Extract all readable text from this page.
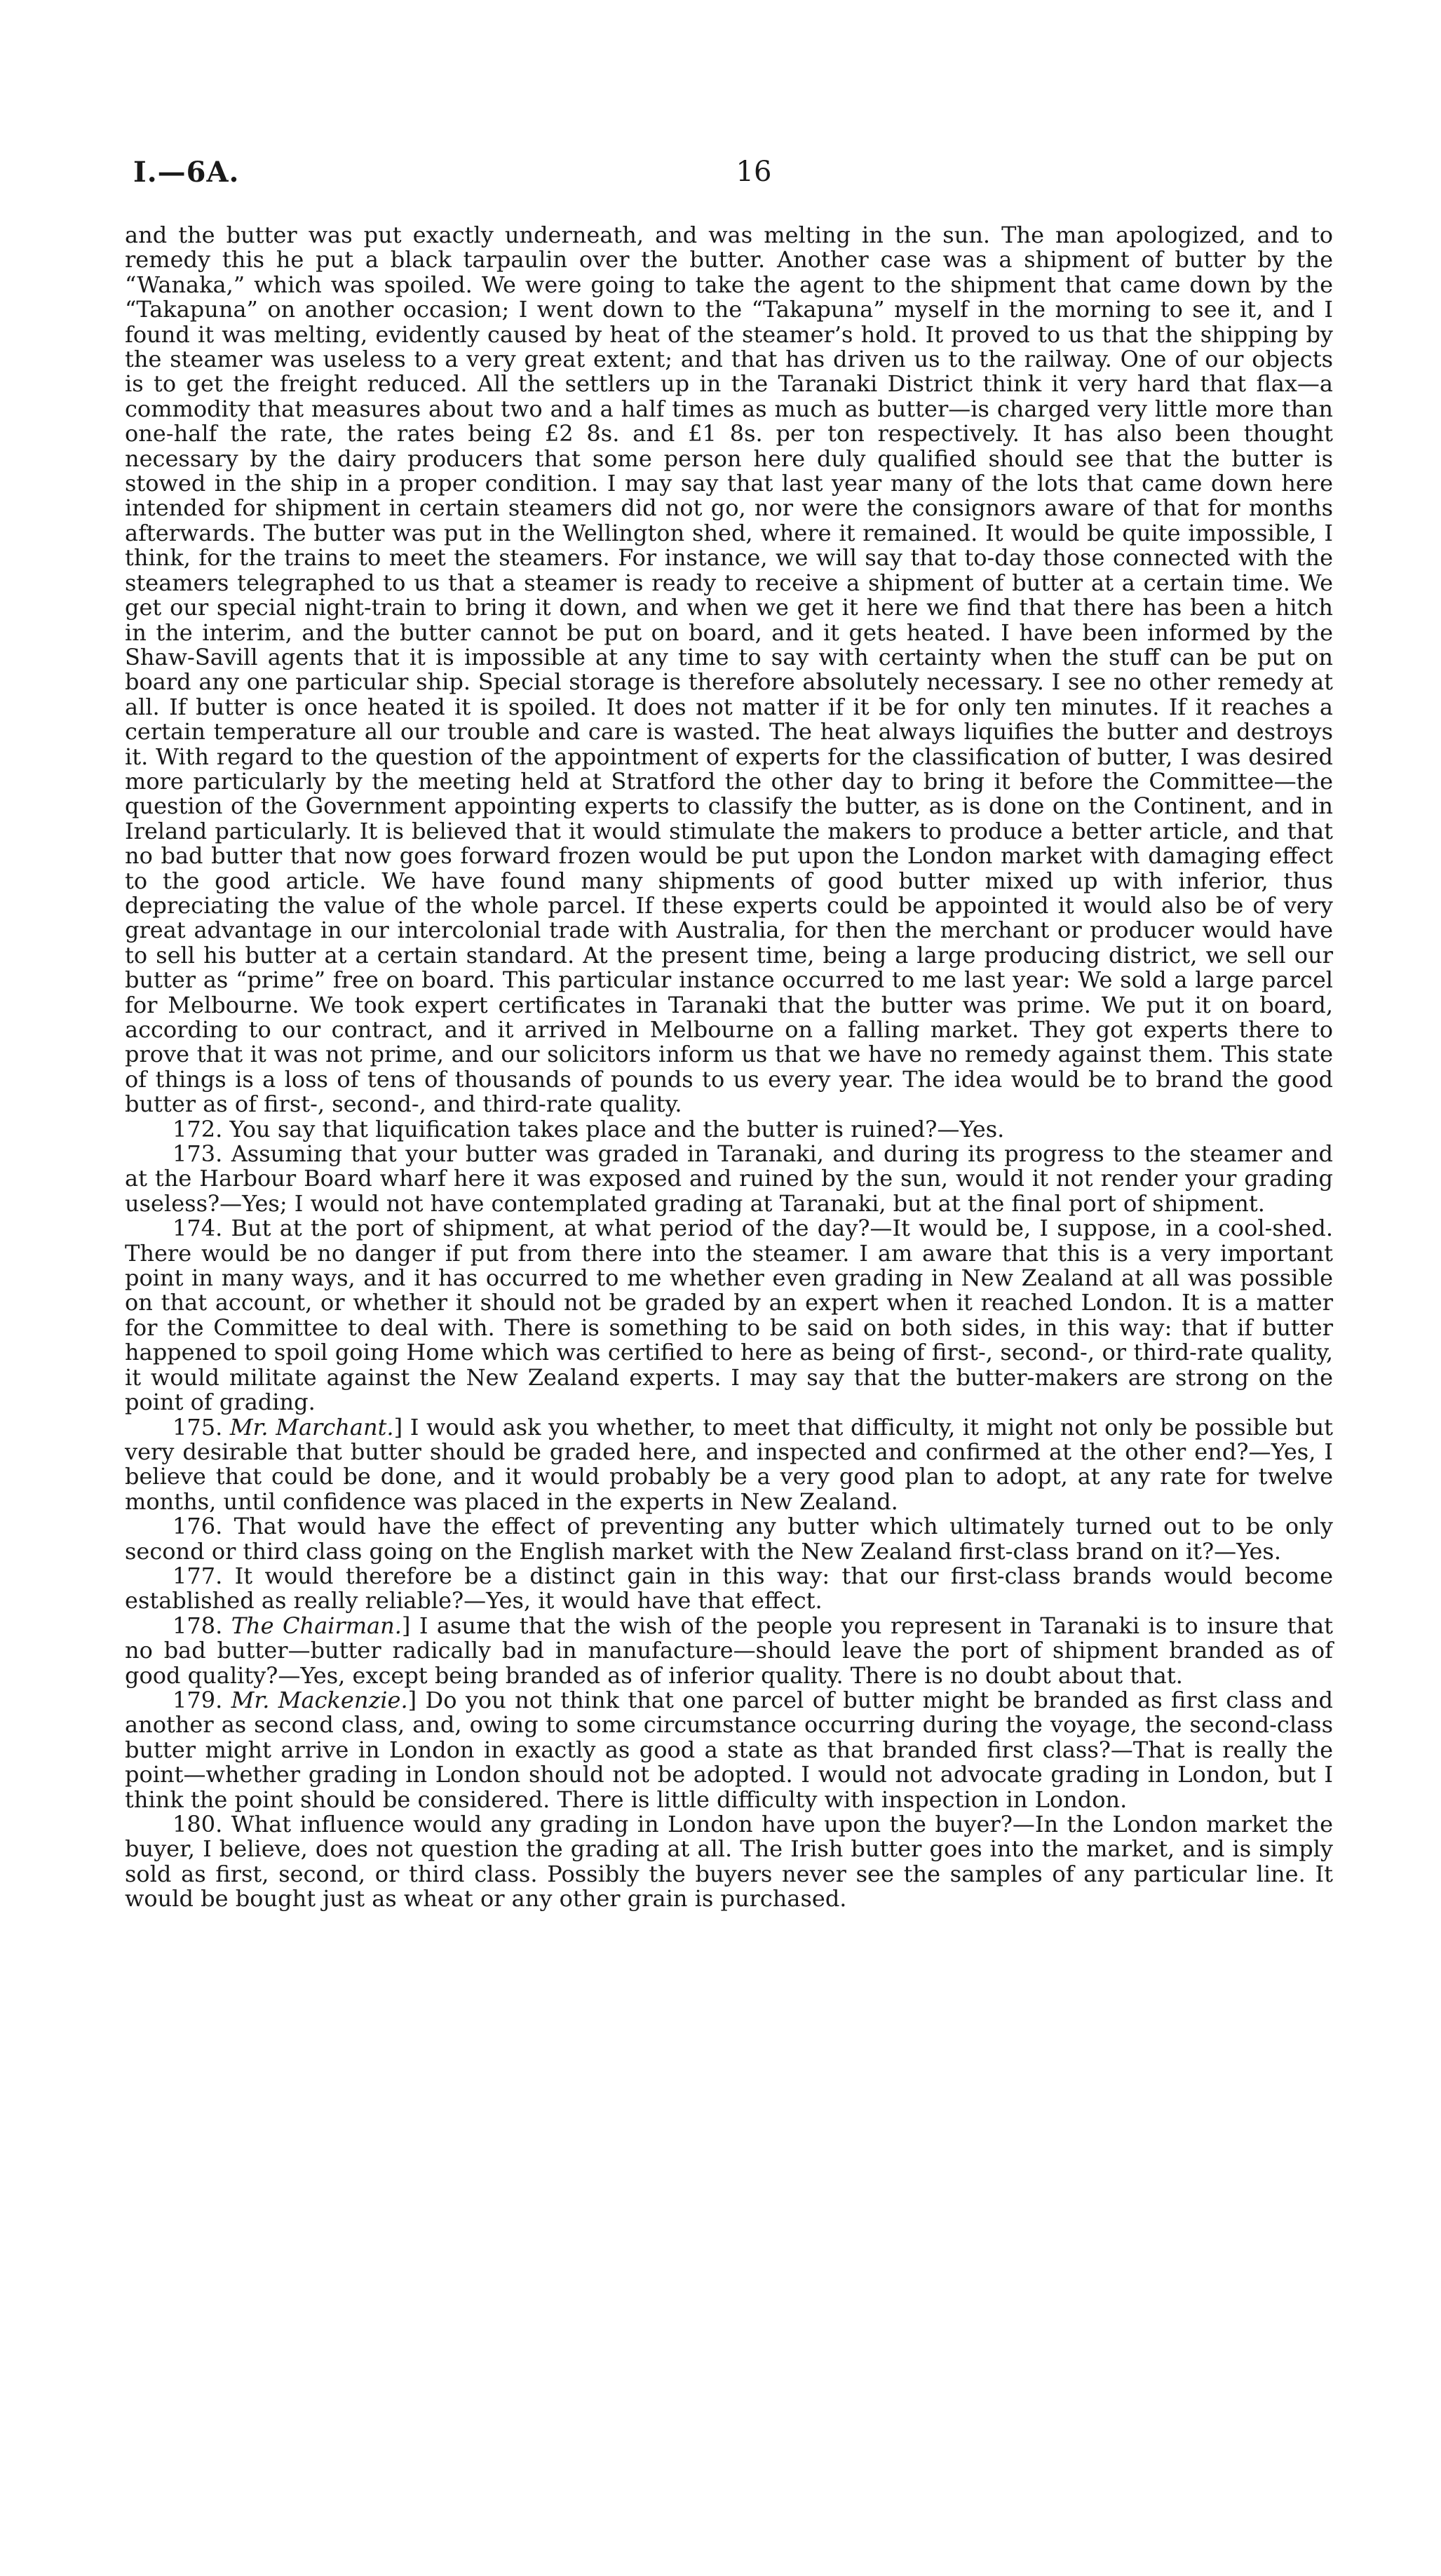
I.—6A.	16

and the butter was put exactly underneath, and was melting in the sun. The man apologized, and to remedy this he put a black tarpaulin over the butter. Another case was a shipment of butter by the “Wanaka,” which was spoiled. We were going to take the agent to the shipment that came down by the “Takapuna” on another occasion; I went down to the “Takapuna” myself in the morning to see it, and I found it was melting, evidently caused by heat of the steamer’s hold. It proved to us that the shipping by the steamer was useless to a very great extent; and that has driven us to the railway. One of our objects is to get the freight reduced. All the settlers up in the Taranaki District think it very hard that flax—a commodity that measures about two and a half times as much as butter—is charged very little more than one-half the rate, the rates being £2 8s. and £1 8s. per ton respectively. It has also been thought necessary by the dairy producers that some person here duly qualified should see that the butter is stowed in the ship in a proper condition. I may say that last year many of the lots that came down here intended for shipment in certain steamers did not go, nor were the consignors aware of that for months afterwards. The butter was put in the Wellington shed, where it remained. It would be quite impossible, I think, for the trains to meet the steamers. For instance, we will say that to-day those connected with the steamers telegraphed to us that a steamer is ready to receive a shipment of butter at a certain time. We get our special night-train to bring it down, and when we get it here we find that there has been a hitch in the interim, and the butter cannot be put on board, and it gets heated. I have been informed by the Shaw-Savill agents that it is impossible at any time to say with certainty when the stuff can be put on board any one particular ship. Special storage is therefore absolutely necessary. I see no other remedy at all. If butter is once heated it is spoiled. It does not matter if it be for only ten minutes. If it reaches a certain temperature all our trouble and care is wasted. The heat always liquifies the butter and destroys it. With regard to the question of the appointment of experts for the classification of butter, I was desired more particularly by the meeting held at Stratford the other day to bring it before the Committee—the question of the Government appointing experts to classify the butter, as is done on the Continent, and in Ireland particularly. It is believed that it would stimulate the makers to produce a better article, and that no bad butter that now goes forward frozen would be put upon the London market with damaging effect to the good article. We have found many shipments of good butter mixed up with inferior, thus depreciating the value of the whole parcel. If these experts could be appointed it would also be of very great advantage in our intercolonial trade with Australia, for then the merchant or producer would have to sell his butter at a certain standard. At the present time, being a large producing district, we sell our butter as “prime” free on board. This particular instance occurred to me last year: We sold a large parcel for Melbourne. We took expert certificates in Taranaki that the butter was prime. We put it on board, according to our contract, and it arrived in Melbourne on a falling market. They got experts there to prove that it was not prime, and our solicitors inform us that we have no remedy against them. This state of things is a loss of tens of thousands of pounds to us every year. The idea would be to brand the good butter as of first-, second-, and third-rate quality.

172. You say that liquification takes place and the butter is ruined?—Yes.

173. Assuming that your butter was graded in Taranaki, and during its progress to the steamer and at the Harbour Board wharf here it was exposed and ruined by the sun, would it not render your grading useless?—Yes; I would not have contemplated grading at Taranaki, but at the final port of shipment.

174. But at the port of shipment, at what period of the day?—It would be, I suppose, in a cool-shed. There would be no danger if put from there into the steamer. I am aware that this is a very important point in many ways, and it has occurred to me whether even grading in New Zealand at all was possible on that account, or whether it should not be graded by an expert when it reached London. It is a matter for the Committee to deal with. There is something to be said on both sides, in this way: that if butter happened to spoil going Home which was certified to here as being of first-, second-, or third-rate quality, it would militate against the New Zealand experts. I may say that the butter-makers are strong on the point of grading.

175. Mr. Marchant.] I would ask you whether, to meet that difficulty, it might not only be possible but very desirable that butter should be graded here, and inspected and confirmed at the other end?—Yes, I believe that could be done, and it would probably be a very good plan to adopt, at any rate for twelve months, until confidence was placed in the experts in New Zealand.

176. That would have the effect of preventing any butter which ultimately turned out to be only second or third class going on the English market with the New Zealand first-class brand on it?—Yes.

177. It would therefore be a distinct gain in this way: that our first-class brands would become established as really reliable?—Yes, it would have that effect.

178. The Chairman.] I asume that the wish of the people you represent in Taranaki is to insure that no bad butter—butter radically bad in manufacture—should leave the port of shipment branded as of good quality?—Yes, except being branded as of inferior quality. There is no doubt about that.

179. Mr. Mackenzie.] Do you not think that one parcel of butter might be branded as first class and another as second class, and, owing to some circumstance occurring during the voyage, the second-class butter might arrive in London in exactly as good a state as that branded first class?—That is really the point—whether grading in London should not be adopted. I would not advocate grading in London, but I think the point should be considered. There is little difficulty with inspection in London.

180. What influence would any grading in London have upon the buyer?—In the London market the buyer, I believe, does not question the grading at all. The Irish butter goes into the market, and is simply sold as first, second, or third class. Possibly the buyers never see the samples of any particular line. It would be bought just as wheat or any other grain is purchased.
